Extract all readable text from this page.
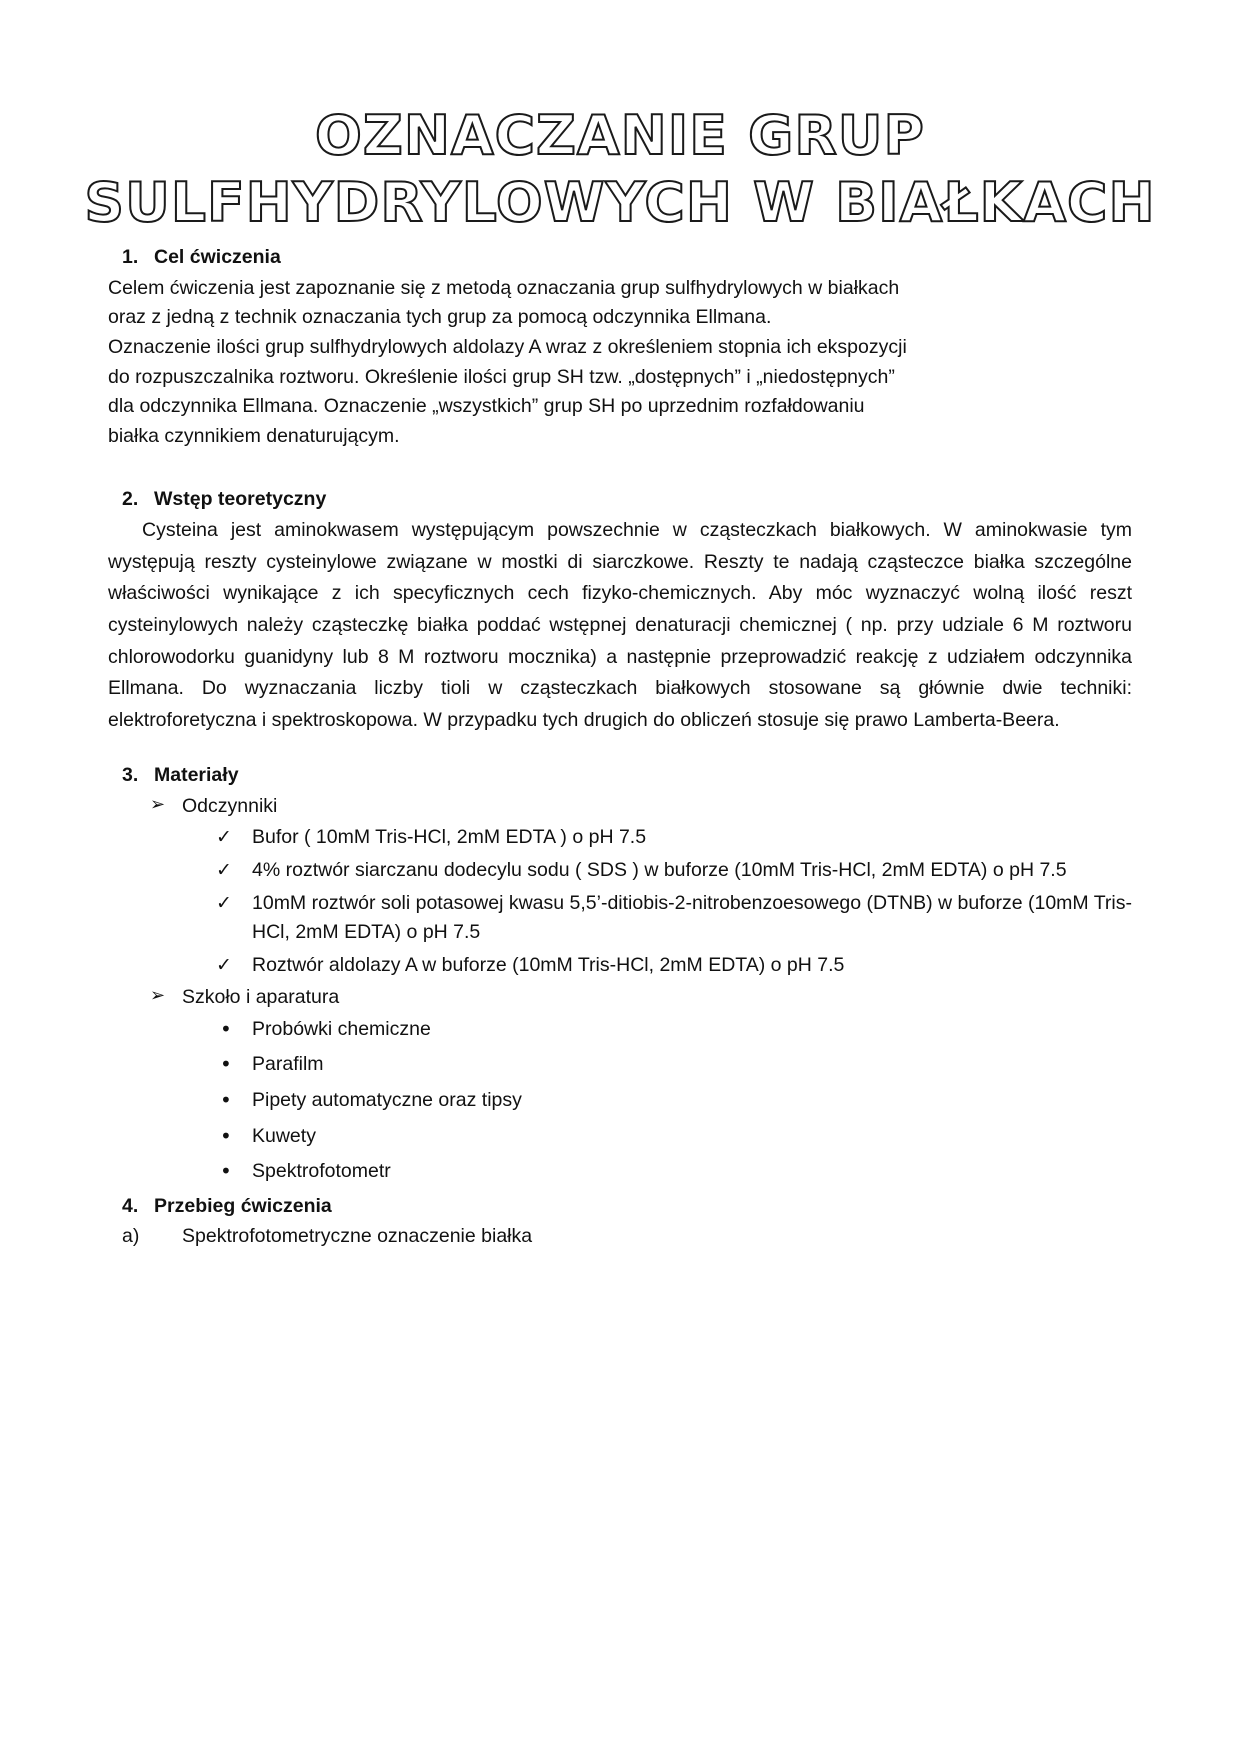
OZNACZANIE GRUP
SULFHYDRYLOWYCH W BIAŁKACH
1. Cel ćwiczenia

Celem ćwiczenia jest zapoznanie się z metodą oznaczania grup sulfhydrylowych w białkach

oraz z jedną z technik oznaczania tych grup za pomocą odczynnika Ellmana.

Oznaczenie ilości grup sulfhydrylowych aldolazy A wraz z określeniem stopnia ich ekspozycji

do rozpuszczalnika roztworu. Określenie ilości grup SH tzw. „dostępnych” i „niedostępnych”

dla odczynnika Ellmana. Oznaczenie „wszystkich” grup SH po uprzednim rozfałdowaniu

białka czynnikiem denaturującym.

2. Wstęp teoretyczny

Cysteina jest aminokwasem występującym powszechnie w cząsteczkach białkowych. W aminokwasie tym występują reszty cysteinylowe związane w mostki di siarczkowe. Reszty te nadają cząsteczce białka szczególne właściwości wynikające z ich specyficznych cech fizyko-chemicznych. Aby móc wyznaczyć wolną ilość reszt cysteinylowych należy cząsteczkę białka poddać wstępnej denaturacji chemicznej ( np. przy udziale 6 M roztworu chlorowodorku guanidyny lub 8 M roztworu mocznika) a następnie przeprowadzić reakcję z udziałem odczynnika Ellmana. Do wyznaczania liczby tioli w cząsteczkach białkowych stosowane są głównie dwie techniki: elektroforetyczna i spektroskopowa. W przypadku tych drugich do obliczeń stosuje się prawo Lamberta-Beera.

3. Materiały
➢ Odczynniki
✓ Bufor ( 10mM Tris-HCl, 2mM EDTA ) o pH 7.5
✓ 4% roztwór siarczanu dodecylu sodu ( SDS ) w buforze (10mM Tris-HCl, 2mM EDTA) o pH 7.5
✓ 10mM roztwór soli potasowej kwasu 5,5’-ditiobis-2-nitrobenzoesowego (DTNB) w buforze (10mM Tris-HCl, 2mM EDTA) o pH 7.5
✓ Roztwór aldolazy A w buforze (10mM Tris-HCl, 2mM EDTA) o pH 7.5
➢ Szkoło i aparatura
• Probówki chemiczne
• Parafilm
• Pipety automatyczne oraz tipsy
• Kuwety
• Spektrofotometr
4. Przebieg ćwiczenia
a) Spektrofotometryczne oznaczenie białka
